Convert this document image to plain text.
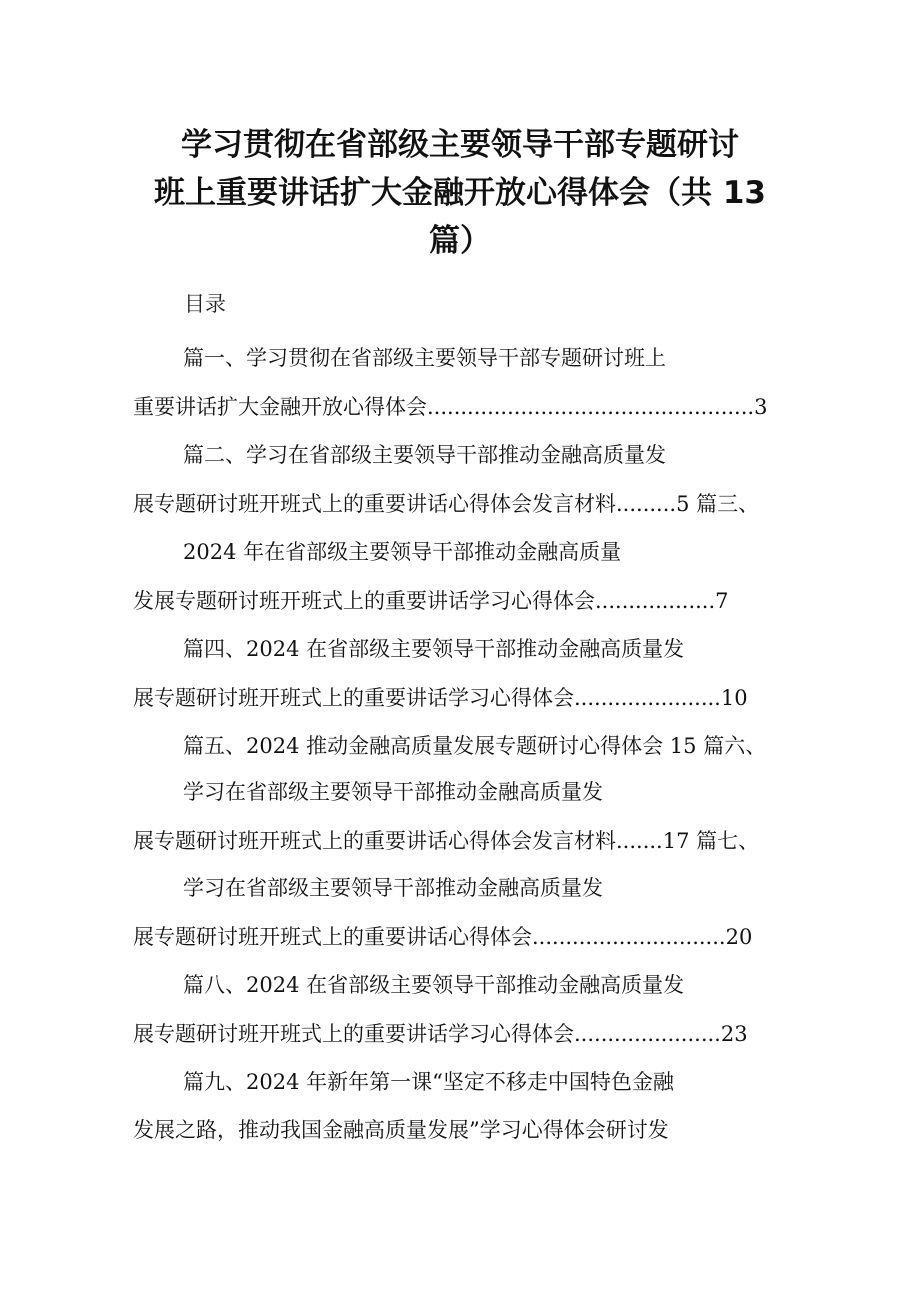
学习贯彻在省部级主要领导干部专题研讨
班上重要讲话扩大金融开放心得体会（共 13
篇）
目录
篇一、学习贯彻在省部级主要领导干部专题研讨班上
重要讲话扩大金融开放心得体会.................................................3
篇二、学习在省部级主要领导干部推动金融高质量发
展专题研讨班开班式上的重要讲话心得体会发言材料.........5 篇三、
2024 年在省部级主要领导干部推动金融高质量
发展专题研讨班开班式上的重要讲话学习心得体会..................7
篇四、2024 在省部级主要领导干部推动金融高质量发
展专题研讨班开班式上的重要讲话学习心得体会......................10
篇五、2024 推动金融高质量发展专题研讨心得体会 15 篇六、
学习在省部级主要领导干部推动金融高质量发
展专题研讨班开班式上的重要讲话心得体会发言材料.......17 篇七、
学习在省部级主要领导干部推动金融高质量发
展专题研讨班开班式上的重要讲话心得体会.............................20
篇八、2024 在省部级主要领导干部推动金融高质量发
展专题研讨班开班式上的重要讲话学习心得体会......................23
篇九、2024 年新年第一课“坚定不移走中国特色金融
发展之路，推动我国金融高质量发展”学习心得体会研讨发
